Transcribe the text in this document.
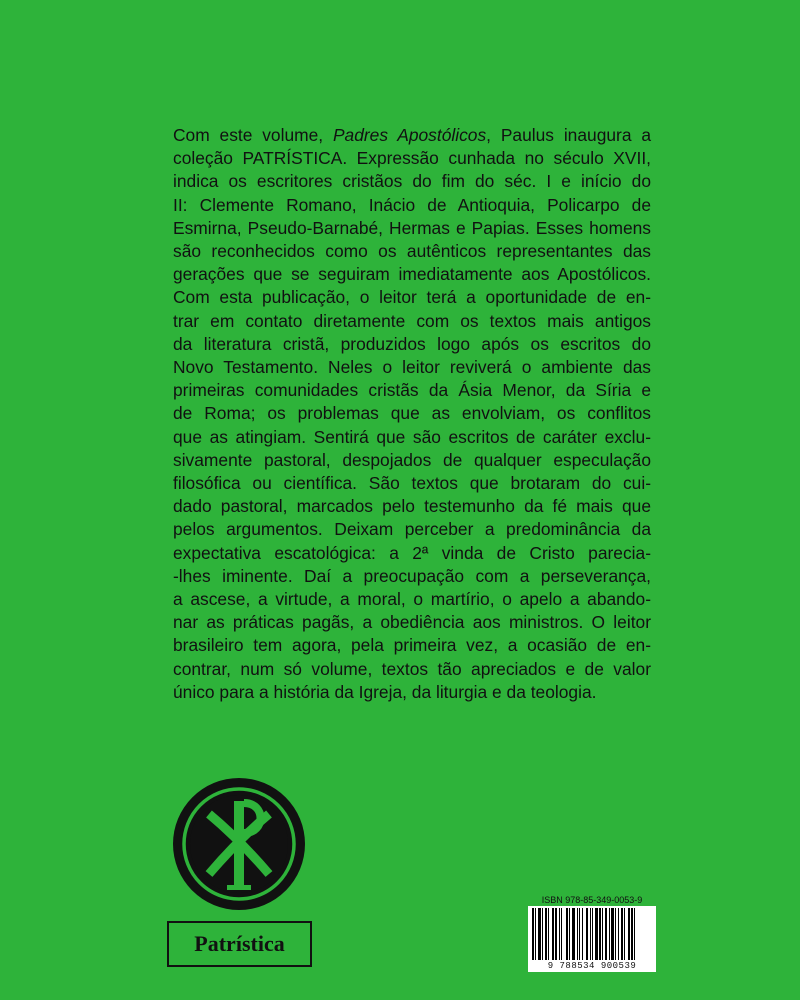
Com este volume, Padres Apostólicos, Paulus inaugura a
coleção PATRÍSTICA. Expressão cunhada no século XVII,
indica os escritores cristãos do fim do séc. I e início do
II: Clemente Romano, Inácio de Antioquia, Policarpo de
Esmirna, Pseudo-Barnabé, Hermas e Papias. Esses homens
são reconhecidos como os autênticos representantes das
gerações que se seguiram imediatamente aos Apostólicos.
Com esta publicação, o leitor terá a oportunidade de en-
trar em contato diretamente com os textos mais antigos
da literatura cristã, produzidos logo após os escritos do
Novo Testamento. Neles o leitor reviverá o ambiente das
primeiras comunidades cristãs da Ásia Menor, da Síria e
de Roma; os problemas que as envolviam, os conflitos
que as atingiam. Sentirá que são escritos de caráter exclu-
sivamente pastoral, despojados de qualquer especulação
filosófica ou científica. São textos que brotaram do cui-
dado pastoral, marcados pelo testemunho da fé mais que
pelos argumentos. Deixam perceber a predominância da
expectativa escatológica: a 2ª vinda de Cristo parecia-
-lhes iminente. Daí a preocupação com a perseverança,
a ascese, a virtude, a moral, o martírio, o apelo a abando-
nar as práticas pagãs, a obediência aos ministros. O leitor
brasileiro tem agora, pela primeira vez, a ocasião de en-
contrar, num só volume, textos tão apreciados e de valor
único para a história da Igreja, da liturgia e da teologia.
Patrística
ISBN 978-85-349-0053-9
9 788534 900539
